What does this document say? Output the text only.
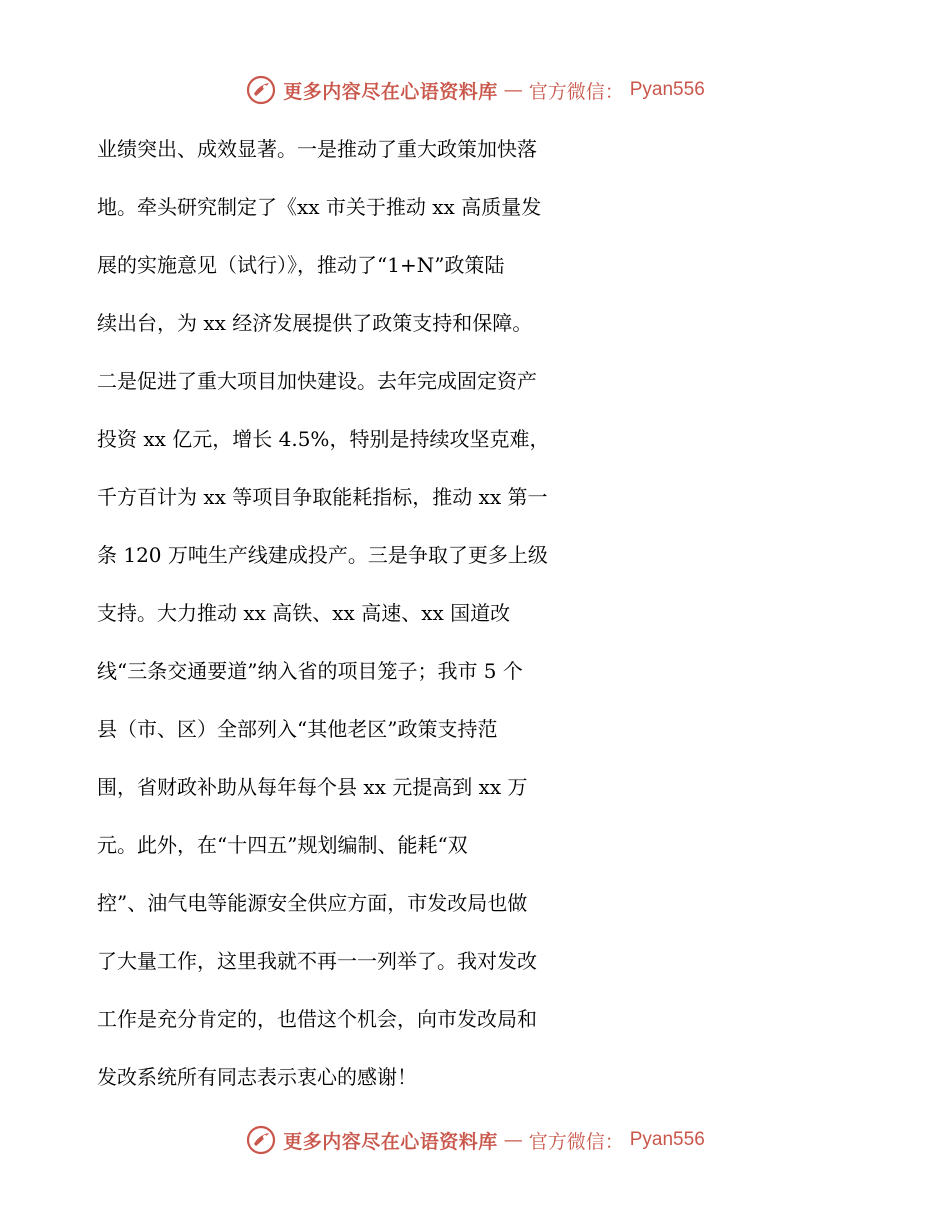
更多内容尽在心语资料库 — 官方微信： Pyan556
业绩突出、成效显著。一是推动了重大政策加快落
地。牵头研究制定了《xx 市关于推动 xx 高质量发
展的实施意见（试行）》，推动了“1+N”政策陆
续出台，为 xx 经济发展提供了政策支持和保障。
二是促进了重大项目加快建设。去年完成固定资产
投资 xx 亿元，增长 4.5%，特别是持续攻坚克难，
千方百计为 xx 等项目争取能耗指标，推动 xx 第一
条 120 万吨生产线建成投产。三是争取了更多上级
支持。大力推动 xx 高铁、xx 高速、xx 国道改
线“三条交通要道”纳入省的项目笼子；我市 5 个
县（市、区）全部列入“其他老区”政策支持范
围，省财政补助从每年每个县 xx 元提高到 xx 万
元。此外，在“十四五”规划编制、能耗“双
控”、油气电等能源安全供应方面，市发改局也做
了大量工作，这里我就不再一一列举了。我对发改
工作是充分肯定的，也借这个机会，向市发改局和
发改系统所有同志表示衷心的感谢！
更多内容尽在心语资料库 — 官方微信： Pyan556
